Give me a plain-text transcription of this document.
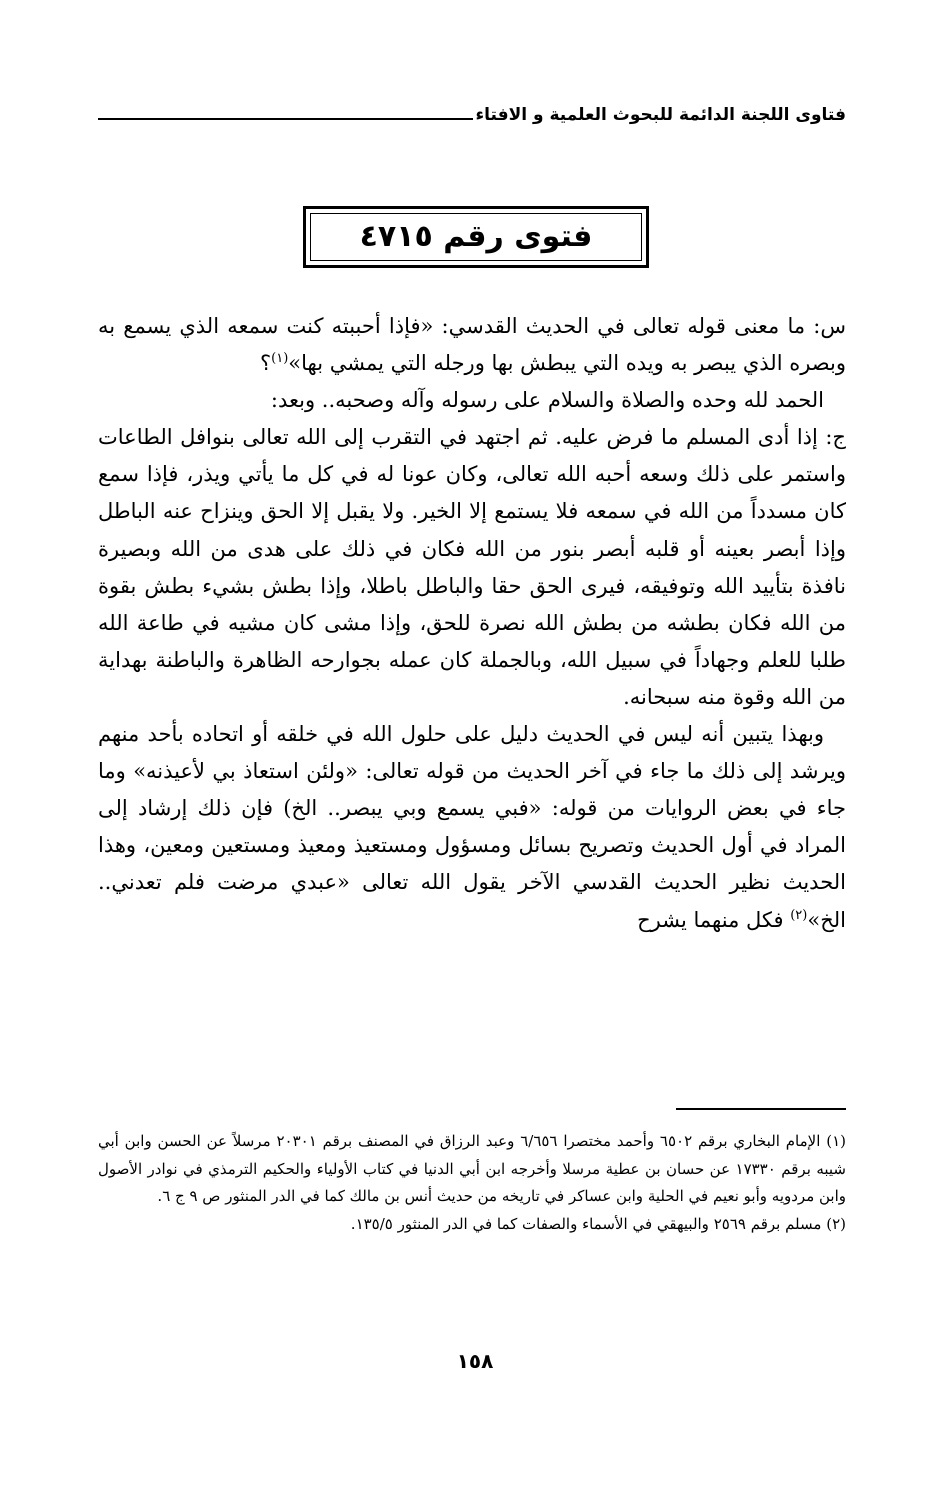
فتاوى اللجنة الدائمة للبحوث العلمية و الافتاء
فتوى رقم ٤٧١٥

س: ما معنى قوله تعالى في الحديث القدسي: «فإذا أحببته كنت سمعه الذي يسمع به وبصره الذي يبصر به ويده التي يبطش بها ورجله التي يمشي بها»$^{(١)}$؟

الحمد لله وحده والصلاة والسلام على رسوله وآله وصحبه.. وبعد:

ج: إذا أدى المسلم ما فرض عليه. ثم اجتهد في التقرب إلى الله تعالى بنوافل الطاعات واستمر على ذلك وسعه أحبه الله تعالى، وكان عونا له في كل ما يأتي ويذر، فإذا سمع كان مسدداً من الله في سمعه فلا يستمع إلا الخير. ولا يقبل إلا الحق وينزاح عنه الباطل وإذا أبصر بعينه أو قلبه أبصر بنور من الله فكان في ذلك على هدى من الله وبصيرة نافذة بتأييد الله وتوفيقه، فيرى الحق حقا والباطل باطلا، وإذا بطش بشيء بطش بقوة من الله فكان بطشه من بطش الله نصرة للحق، وإذا مشى كان مشيه في طاعة الله طلبا للعلم وجهاداً في سبيل الله، وبالجملة كان عمله بجوارحه الظاهرة والباطنة بهداية من الله وقوة منه سبحانه.

وبهذا يتبين أنه ليس في الحديث دليل على حلول الله في خلقه أو اتحاده بأحد منهم ويرشد إلى ذلك ما جاء في آخر الحديث من قوله تعالى: «ولئن استعاذ بي لأعيذنه» وما جاء في بعض الروايات من قوله: «فبي يسمع وبي يبصر.. الخ) فإن ذلك إرشاد إلى المراد في أول الحديث وتصريح بسائل ومسؤول ومستعيذ ومعيذ ومستعين ومعين، وهذا الحديث نظير الحديث القدسي الآخر يقول الله تعالى «عبدي مرضت فلم تعدني.. الخ»$^{(٢)}$ فكل منهما يشرح

(١) الإمام البخاري برقم ٦٥٠٢ وأحمد مختصرا ٦/٦٥٦ وعبد الرزاق في المصنف برقم ٢٠٣٠١ مرسلاً عن الحسن وابن أبي شيبه برقم ١٧٣٣٠ عن حسان بن عطية مرسلا وأخرجه ابن أبي الدنيا في كتاب الأولياء والحكيم الترمذي في نوادر الأصول وابن مردويه وأبو نعيم في الحلية وابن عساكر في تاريخه من حديث أنس بن مالك كما في الدر المنثور ص ٩ ج ٦.

(٢) مسلم برقم ٢٥٦٩ والبيهقي في الأسماء والصفات كما في الدر المنثور ١٣٥/٥.

١٥٨
